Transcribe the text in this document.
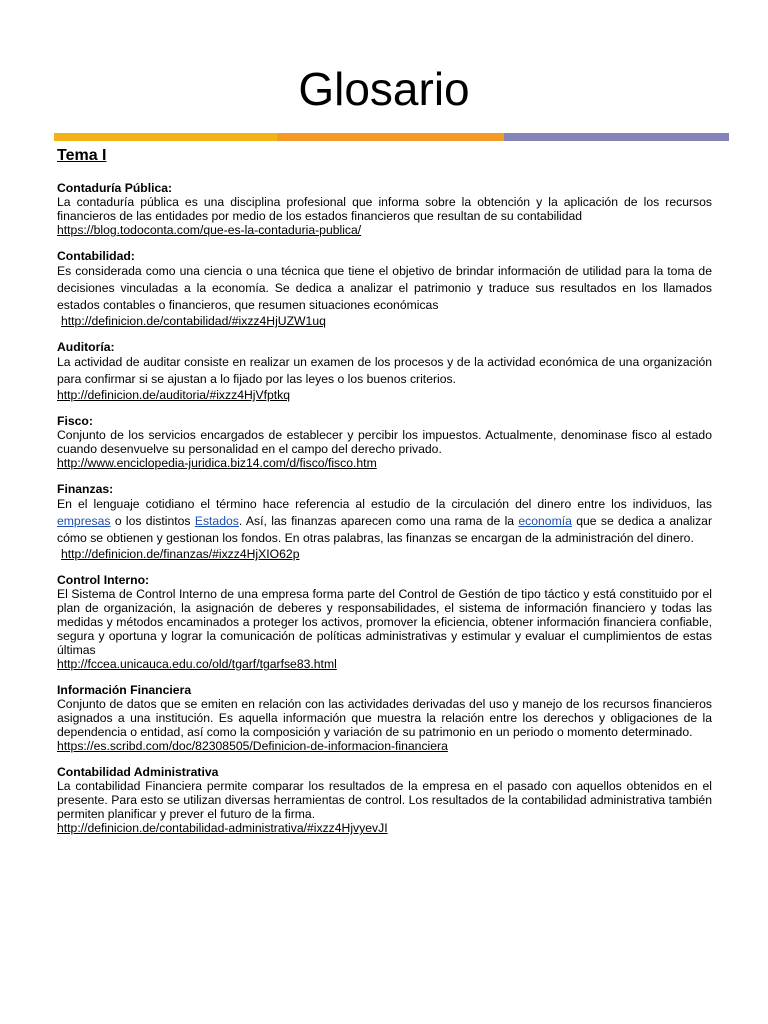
Glosario
Tema I
Contaduría Pública:
La contaduría pública es una disciplina profesional que informa sobre la obtención y la aplicación de los recursos financieros de las entidades por medio de los estados financieros que resultan de su contabilidad
https://blog.todoconta.com/que-es-la-contaduria-publica/
Contabilidad:
Es considerada como una ciencia o una técnica que tiene el objetivo de brindar información de utilidad para la toma de decisiones vinculadas a la economía. Se dedica a analizar el patrimonio y traduce sus resultados en los llamados estados contables o financieros, que resumen situaciones económicas
http://definicion.de/contabilidad/#ixzz4HjUZW1uq
Auditoría:
La actividad de auditar consiste en realizar un examen de los procesos y de la actividad económica de una organización para confirmar si se ajustan a lo fijado por las leyes o los buenos criterios.
http://definicion.de/auditoria/#ixzz4HjVfptkq
Fisco:
Conjunto de los servicios encargados de establecer y percibir los impuestos. Actualmente, denominase fisco al estado cuando desenvuelve su personalidad en el campo del derecho privado.
http://www.enciclopedia-juridica.biz14.com/d/fisco/fisco.htm
Finanzas:
En el lenguaje cotidiano el término hace referencia al estudio de la circulación del dinero entre los individuos, las empresas o los distintos Estados. Así, las finanzas aparecen como una rama de la economía que se dedica a analizar cómo se obtienen y gestionan los fondos. En otras palabras, las finanzas se encargan de la administración del dinero.
http://definicion.de/finanzas/#ixzz4HjXIO62p
Control Interno:
El Sistema de Control Interno de una empresa forma parte del Control de Gestión de tipo táctico y está constituido por el plan de organización, la asignación de deberes y responsabilidades, el sistema de información financiero y todas las medidas y métodos encaminados a proteger los activos, promover la eficiencia, obtener información financiera confiable, segura y oportuna y lograr la comunicación de políticas administrativas y estimular y evaluar el cumplimientos de estas últimas
http://fccea.unicauca.edu.co/old/tgarf/tgarfse83.html
Información Financiera
Conjunto de datos que se emiten en relación con las actividades derivadas del uso y manejo de los recursos financieros asignados a una institución. Es aquella información que muestra la relación entre los derechos y obligaciones de la dependencia o entidad, así como la composición y variación de su patrimonio en un periodo o momento determinado.
https://es.scribd.com/doc/82308505/Definicion-de-informacion-financiera
Contabilidad Administrativa
La contabilidad Financiera permite comparar los resultados de la empresa en el pasado con aquellos obtenidos en el presente. Para esto se utilizan diversas herramientas de control. Los resultados de la contabilidad administrativa también permiten planificar y prever el futuro de la firma.
http://definicion.de/contabilidad-administrativa/#ixzz4HjvyevJI
